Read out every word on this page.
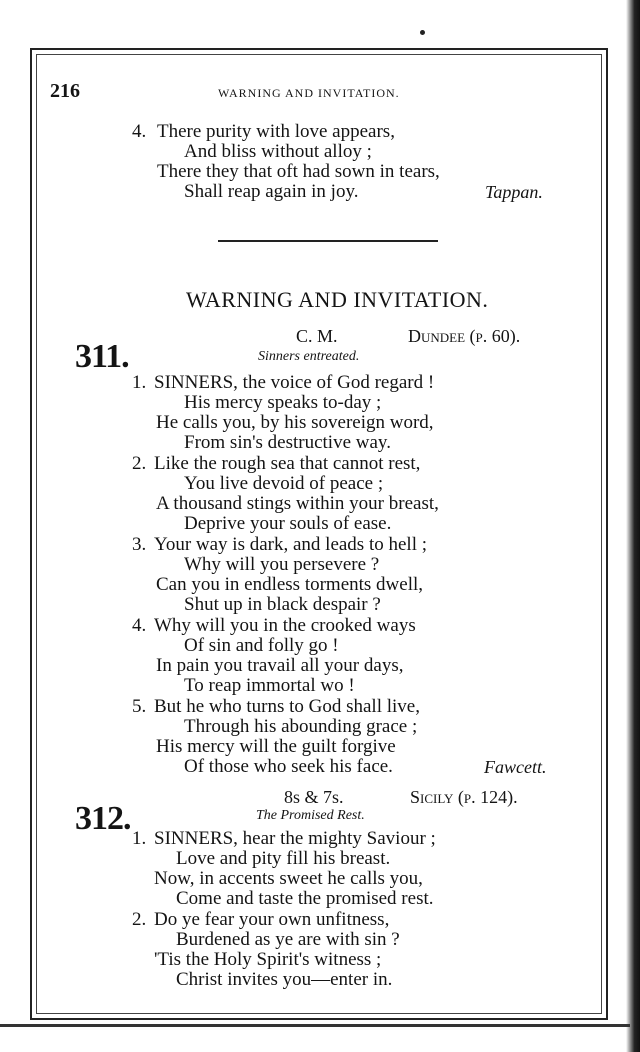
216	WARNING AND INVITATION.
4. There purity with love appears,
And bliss without alloy ;
There they that oft had sown in tears,
Shall reap again in joy.	Tappan.
WARNING AND INVITATION.
311.
C. M.	Dundee (p. 60).
Sinners entreated.
1. SINNERS, the voice of God regard !
His mercy speaks to-day ;
He calls you, by his sovereign word,
From sin's destructive way.
2. Like the rough sea that cannot rest,
You live devoid of peace ;
A thousand stings within your breast,
Deprive your souls of ease.
3. Your way is dark, and leads to hell ;
Why will you persevere ?
Can you in endless torments dwell,
Shut up in black despair ?
4. Why will you in the crooked ways
Of sin and folly go !
In pain you travail all your days,
To reap immortal wo !
5. But he who turns to God shall live,
Through his abounding grace ;
His mercy will the guilt forgive
Of those who seek his face.	Fawcett.
312.
8s & 7s.	Sicily (p. 124).
The Promised Rest.
1. SINNERS, hear the mighty Saviour ;
Love and pity fill his breast.
Now, in accents sweet he calls you,
Come and taste the promised rest.
2. Do ye fear your own unfitness,
Burdened as ye are with sin ?
'Tis the Holy Spirit's witness ;
Christ invites you—enter in.
